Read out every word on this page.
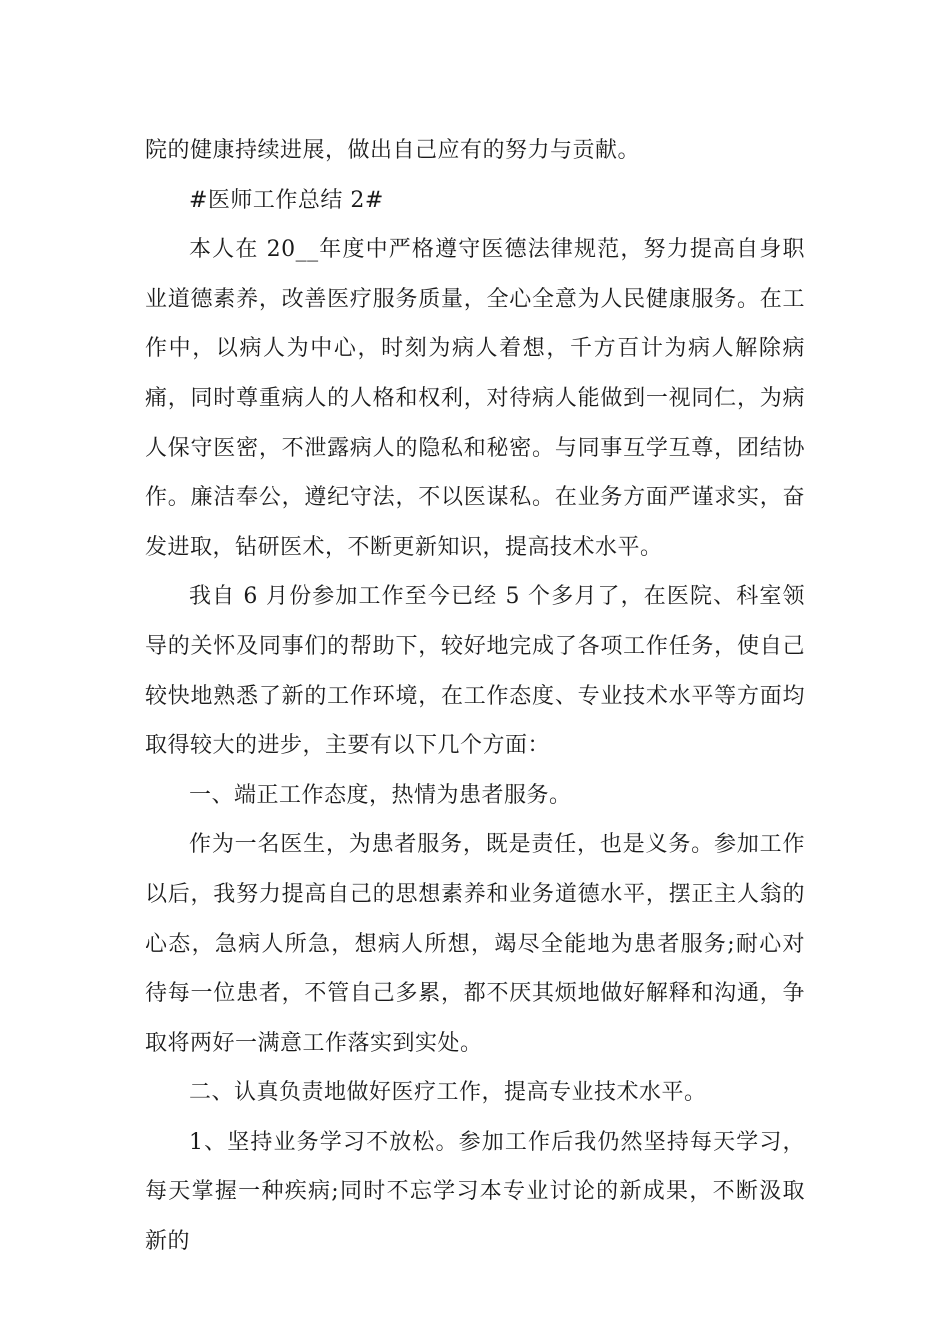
院的健康持续进展，做出自己应有的努力与贡献。

#医师工作总结 2#

本人在 20__年度中严格遵守医德法律规范，努力提高自身职业道德素养，改善医疗服务质量，全心全意为人民健康服务。在工作中，以病人为中心，时刻为病人着想，千方百计为病人解除病痛，同时尊重病人的人格和权利，对待病人能做到一视同仁，为病人保守医密，不泄露病人的隐私和秘密。与同事互学互尊，团结协作。廉洁奉公，遵纪守法，不以医谋私。在业务方面严谨求实，奋发进取，钻研医术，不断更新知识，提高技术水平。

我自 6 月份参加工作至今已经 5 个多月了，在医院、科室领导的关怀及同事们的帮助下，较好地完成了各项工作任务，使自己较快地熟悉了新的工作环境，在工作态度、专业技术水平等方面均取得较大的进步，主要有以下几个方面：

一、端正工作态度，热情为患者服务。

作为一名医生，为患者服务，既是责任，也是义务。参加工作以后，我努力提高自己的思想素养和业务道德水平，摆正主人翁的心态，急病人所急，想病人所想，竭尽全能地为患者服务;耐心对待每一位患者，不管自己多累，都不厌其烦地做好解释和沟通，争取将两好一满意工作落实到实处。

二、认真负责地做好医疗工作，提高专业技术水平。

1、坚持业务学习不放松。参加工作后我仍然坚持每天学习，每天掌握一种疾病;同时不忘学习本专业讨论的新成果，不断汲取新的
